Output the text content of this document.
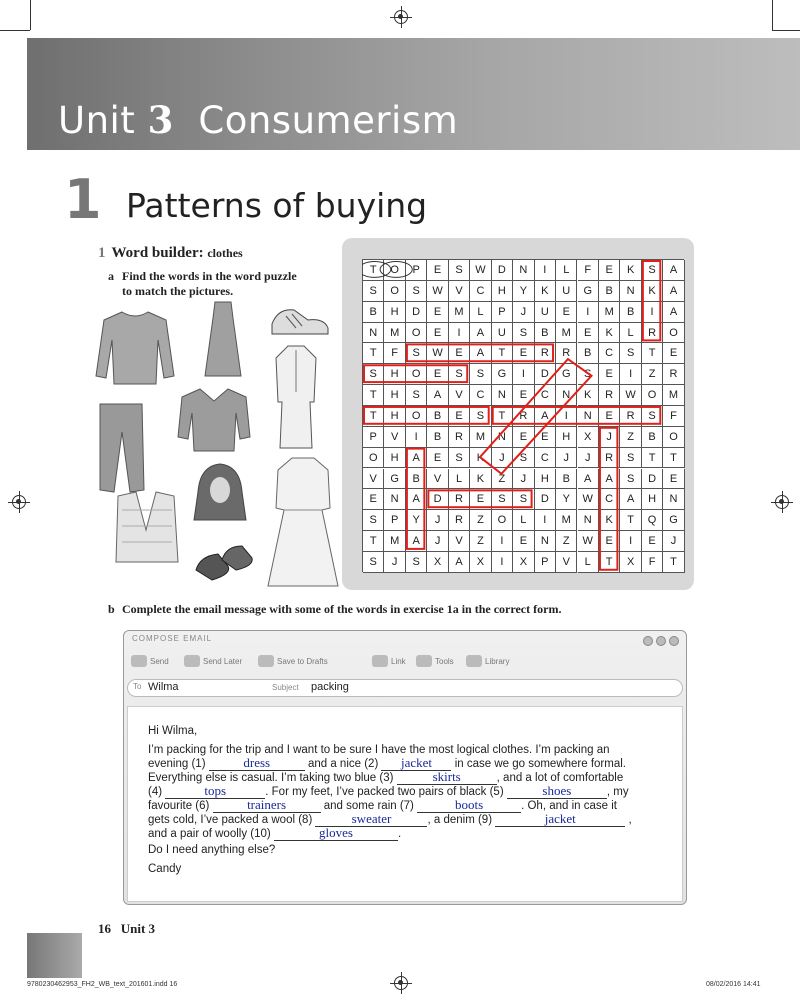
Unit 3 Consumerism
1 Patterns of buying
1 Word builder: clothes
a Find the words in the word puzzle
to match the pictures.
T	O	P	E	S	W	D	N	I	L	F	E	K	S	A
S	O	S	W	V	C	H	Y	K	U	G	B	N	K	A
B	H	D	E	M	L	P	J	U	E	I	M	B	I	A
N	M	O	E	I	A	U	S	B	M	E	K	L	R	O
T	F	S	W	E	A	T	E	R	R	B	C	S	T	E
S	H	O	E	S	S	G	I	D	G	S	E	I	Z	R
T	H	S	A	V	C	N	E	C	N	K	R	W	O	M
T	H	O	B	E	S	T	R	A	I	N	E	R	S	F
P	V	I	B	R	M	N	E	E	H	X	J	Z	B	O
O	H	A	E	S	K	J	S	C	J	J	R	S	T	T
V	G	B	V	L	K	Z	J	H	B	A	A	S	D	E
E	N	A	D	R	E	S	S	D	Y	W	C	A	H	N
S	P	Y	J	R	Z	O	L	I	M	N	K	T	Q	G
T	M	A	J	V	Z	I	E	N	Z	W	E	I	E	J
S	J	S	X	A	X	I	X	P	V	L	T	X	F	T
b Complete the email message with some of the words in exercise 1a in the correct form.
COMPOSE EMAIL
Send	Send Later	Save to Drafts	Link	Tools	Library
To Wilma	Subject packing
Hi Wilma,
I’m packing for the trip and I want to be sure I have the most logical clothes. I’m packing an
evening (1)	dress	and a nice (2) jacket in case we go somewhere formal.
Everything else is casual. I’m taking two blue (3)	skirts	, and a lot of comfortable
(4)	tops	. For my feet, I’ve packed two pairs of black (5)	shoes	, my
favourite (6)	trainers	and some rain (7)	boots	. Oh, and in case it
gets cold, I’ve packed a wool (8)	sweater	, a denim (9)	jacket	,
and a pair of woolly (10)	gloves	.
Do I need anything else?
Candy
16 Unit 3
9780230462953_FH2_WB_text_201601.indd 16	08/02/2016 14:41
